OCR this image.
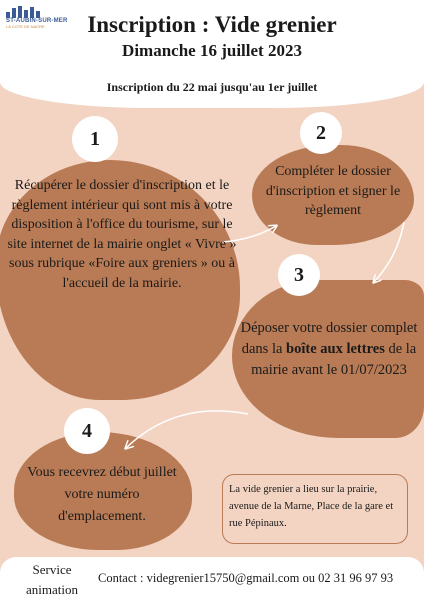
ST-AUBIN-SUR-MER
LA COTE DE NACRE	Inscription : Vide grenier
Dimanche 16 juillet 2023
Inscription du 22 mai jusqu'au 1er juillet
1	2
3
4
Récupérer le dossier d'inscription et le règlement intérieur qui sont mis à votre disposition à l'office du tourisme, sur le site internet de la mairie onglet « Vivre » sous rubrique «Foire aux greniers » ou à l'accueil de la mairie.
Compléter le dossier d'inscription et signer le règlement
Déposer votre dossier complet dans la boîte aux lettres de la mairie avant le 01/07/2023
Vous recevrez début juillet votre numéro d'emplacement.
La vide grenier a lieu sur la prairie, avenue de la Marne, Place de la gare et rue Pépinaux.
Service animation
Contact : videgrenier15750@gmail.com ou 02 31 96 97 93
